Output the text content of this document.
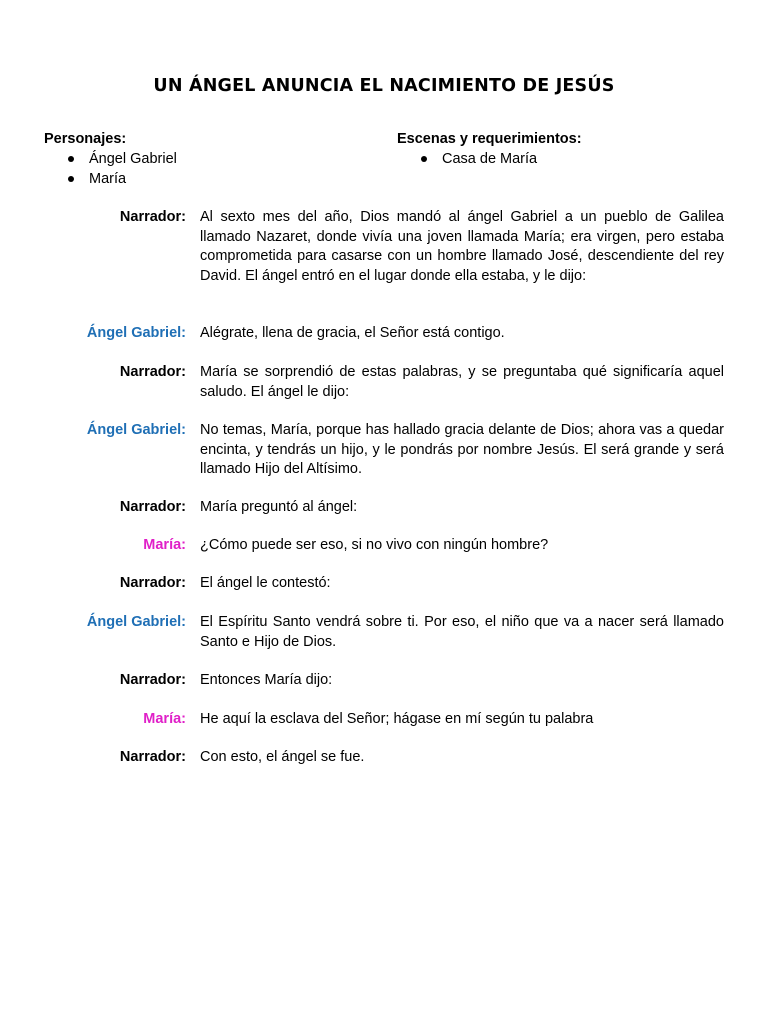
UN ÁNGEL ANUNCIA EL NACIMIENTO DE JESÚS
Personajes:
Ángel Gabriel
María
Escenas y requerimientos:
Casa de María
Narrador: Al sexto mes del año, Dios mandó al ángel Gabriel a un pueblo de Galilea llamado Nazaret, donde vivía una joven llamada María; era virgen, pero estaba comprometida para casarse con un hombre llamado José, descendiente del rey David. El ángel entró en el lugar donde ella estaba, y le dijo:
Ángel Gabriel: Alégrate, llena de gracia, el Señor está contigo.
Narrador: María se sorprendió de estas palabras, y se preguntaba qué significaría aquel saludo. El ángel le dijo:
Ángel Gabriel: No temas, María, porque has hallado gracia delante de Dios; ahora vas a quedar encinta, y tendrás un hijo, y le pondrás por nombre Jesús. El será grande y será llamado Hijo del Altísimo.
Narrador: María preguntó al ángel:
María: ¿Cómo puede ser eso, si no vivo con ningún hombre?
Narrador: El ángel le contestó:
Ángel Gabriel: El Espíritu Santo vendrá sobre ti. Por eso, el niño que va a nacer será llamado Santo e Hijo de Dios.
Narrador: Entonces María dijo:
María: He aquí la esclava del Señor; hágase en mí según tu palabra
Narrador: Con esto, el ángel se fue.
